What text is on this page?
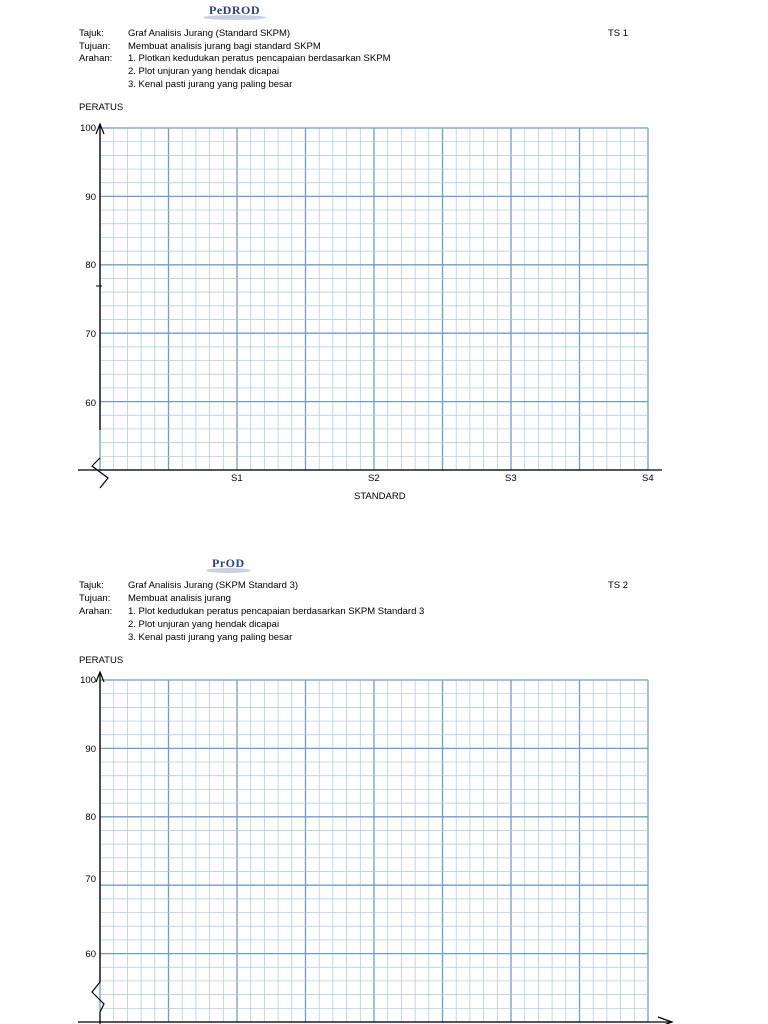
PeDROD
Tajuk:	Graf Analisis Jurang (Standard SKPM)	TS 1
Tujuan: Membuat analisis jurang bagi standard SKPM
Arahan: 1. Plotkan kedudukan peratus pencapaian berdasarkan SKPM
2. Plot unjuran yang hendak dicapai
3. Kenal pasti jurang yang paling besar
PERATUS
100
90
80
70
60
S1	S2	S3	S4
STANDARD
PrOD
Tajuk:	Graf Analisis Jurang (SKPM Standard 3)	TS 2
Tujuan: Membuat analisis jurang
Arahan: 1. Plot kedudukan peratus pencapaian berdasarkan SKPM Standard 3
2. Plot unjuran yang hendak dicapai
3. Kenal pasti jurang yang paling besar
PERATUS
100
90
80
70
60
